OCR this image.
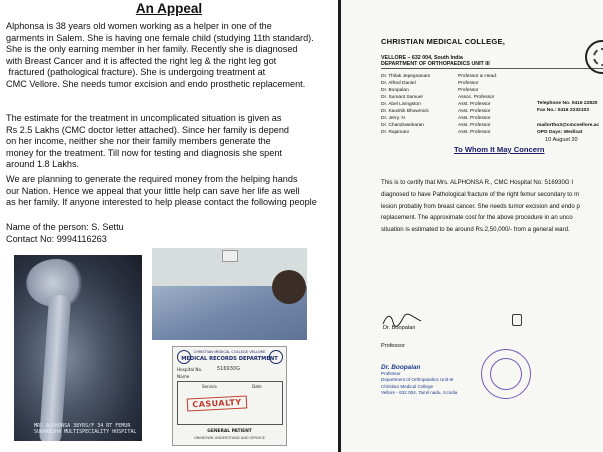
An Appeal
Alphonsa is 38 years old women working as a helper in one of the
garments in Salem. She is having one female child (studying 11th standard).
She is the only earning member in her family. Recently she is diagnosed
with Breast Cancer and it is affected the right leg & the right leg got
fractured (pathological fracture). She is undergoing treatment at
CMC Vellore. She needs tumor excision and endo prosthetic replacement.
The estimate for the treatment in uncomplicated situation is given as
Rs 2.5 Lakhs (CMC doctor letter attached). Since her family is depend
on her income, neither she nor their family members generate the
money for the treatment. Till now for testing and diagnosis she spent
around 1.8 Lakhs.
We are planning to generate the required money from the helping hands
our Nation. Hence we appeal that your little help can save her life as well
as her family. If anyone interested to help please contact the following people
Name of the person: S. Settu
Contact No: 9994116263
MRS ALPHONSA 38YRS/F 34 RT FEMUR
SURAKKSHA MULTISPECIALITY HOSPITAL
CHRISTIAN MEDICAL COLLEGE VELLORE
MEDICAL RECORDS DEPARTMENT
Hospital No.	516930G
Name
Service	Date
CASUALTY
GENERAL PATIENT
UNKNOWN UNDERSTAND AND SERVICE
CHRISTIAN MEDICAL COLLEGE,
VELLORE – 632 004, South India
DEPARTMENT OF ORTHOPAEDICS UNIT III
Dr. Thilak Jepegnanam	Professor & Head.
Dr. Alfred Daniel	Professor
Dr. Boopalan	Professor
Dr. Sumant Samuel	Assoc. Professor
Dr. Abel Livingston	Asst. Professor
Dr. Kaushik Bhowmick	Asst. Professor
Dr. Jerry. N	Asst. Professor
Dr. Chandrasekaran	Asst. Professor
Dr. Rajamani	Asst. Professor
Telephone No. 0416 22820
Fax No.: 0416 2232103
mailortho3@cmcvellore.ac
OPD Days: Wed/sat
10 August 20
To Whom It May Concern
This is to certify that Mrs. ALPHONSA R., CMC Hospital No: 516930G I
diagnosed to have Pathological fracture of the right femur secondary to m
lesion probably from breast cancer. She needs tumor excision and endo p
replacement. The approximate cost for the above procedure in an unco
situation is estimated to be around Rs.2,50,000/- from a general ward.
Dr. Boopalan
Professor
Dr. Boopalan
Professor
Department of Orthopaedics Unit-III
Christian Medical College
Vellore - 632 004, Tamil nadu, S.India
